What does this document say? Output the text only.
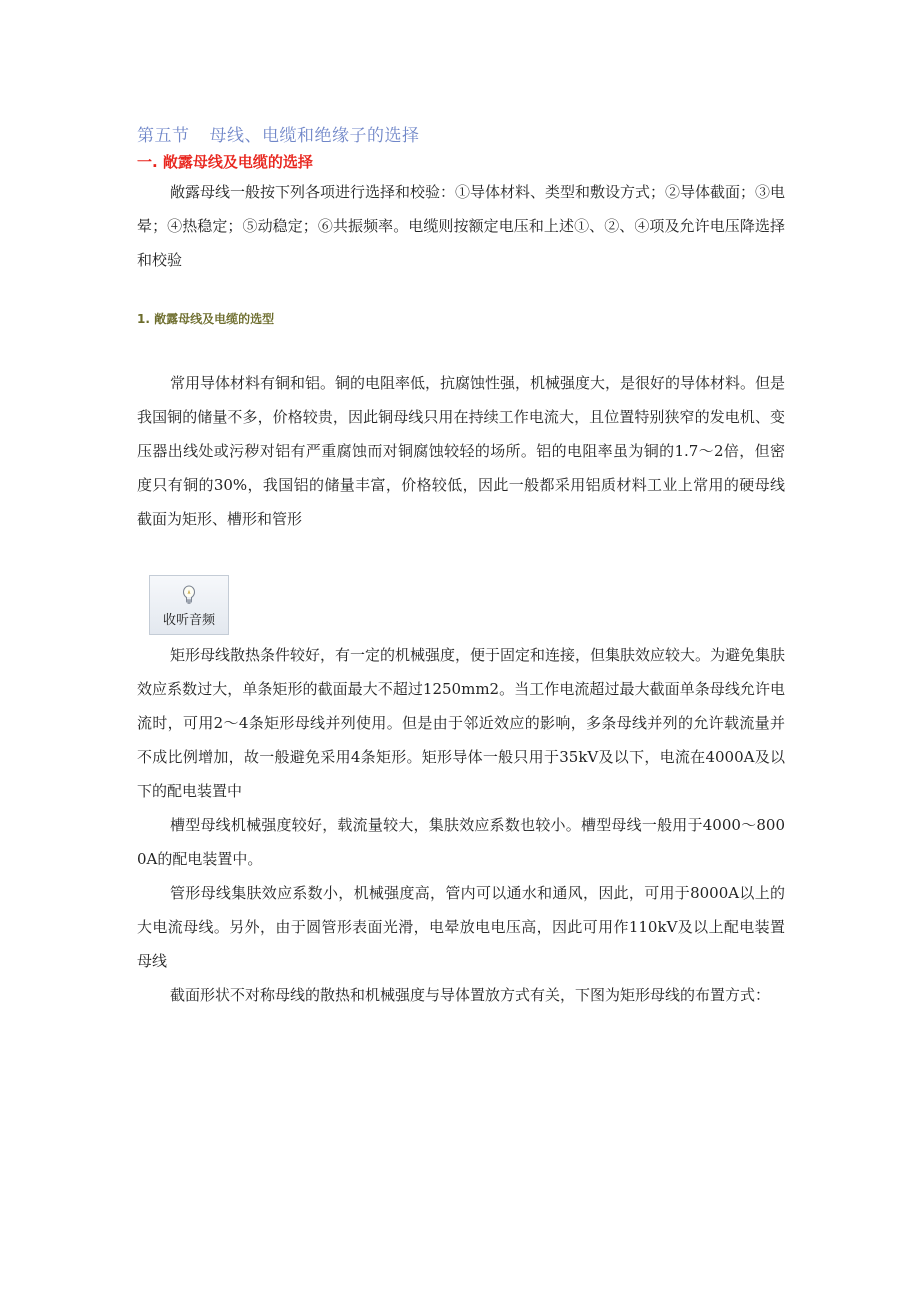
第五节 母线、电缆和绝缘子的选择
一. 敞露母线及电缆的选择

敞露母线一般按下列各项进行选择和校验：①导体材料、类型和敷设方式；②导体截面；③电晕；④热稳定；⑤动稳定；⑥共振频率。电缆则按额定电压和上述①、②、④项及允许电压降选择和校验

1. 敞露母线及电缆的选型

常用导体材料有铜和铝。铜的电阻率低，抗腐蚀性强，机械强度大，是很好的导体材料。但是我国铜的储量不多，价格较贵，因此铜母线只用在持续工作电流大，且位置特别狭窄的发电机、变压器出线处或污秽对铝有严重腐蚀而对铜腐蚀较轻的场所。铝的电阻率虽为铜的1.7～2倍，但密度只有铜的30%，我国铝的储量丰富，价格较低，因此一般都采用铝质材料工业上常用的硬母线截面为矩形、槽形和管形

收听音频

矩形母线散热条件较好，有一定的机械强度，便于固定和连接，但集肤效应较大。为避免集肤效应系数过大，单条矩形的截面最大不超过1250mm2。当工作电流超过最大截面单条母线允许电流时，可用2～4条矩形母线并列使用。但是由于邻近效应的影响，多条母线并列的允许载流量并不成比例增加，故一般避免采用4条矩形。矩形导体一般只用于35kV及以下，电流在4000A及以下的配电装置中

槽型母线机械强度较好，载流量较大，集肤效应系数也较小。槽型母线一般用于4000～8000A的配电装置中。

管形母线集肤效应系数小，机械强度高，管内可以通水和通风，因此，可用于8000A以上的大电流母线。另外，由于圆管形表面光滑，电晕放电电压高，因此可用作110kV及以上配电装置母线

截面形状不对称母线的散热和机械强度与导体置放方式有关，下图为矩形母线的布置方式：
